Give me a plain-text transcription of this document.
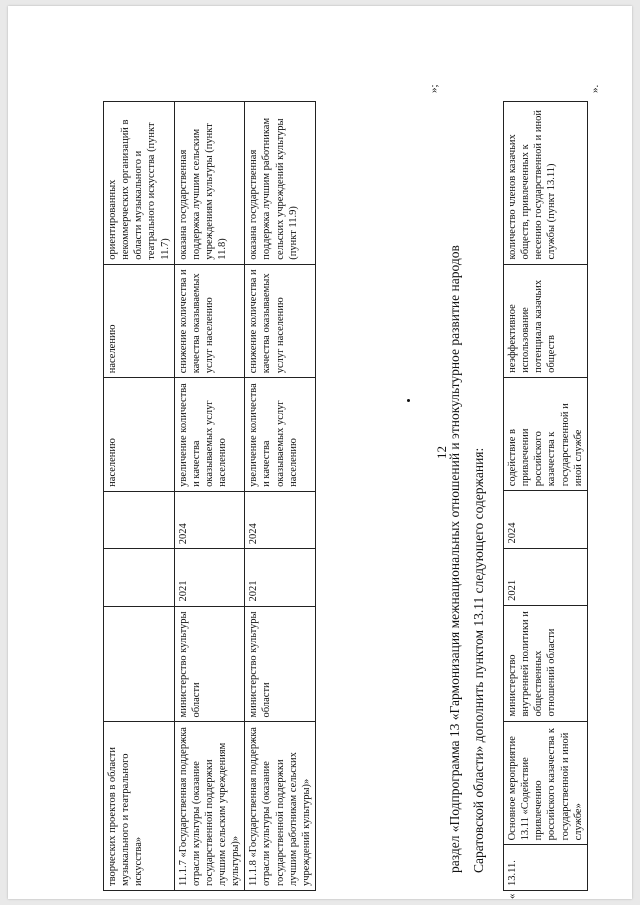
12
творческих проектов в области музыкального и театрального искусства»				населению	населению	ориентированных некоммерческих организаций в области музыкального и театрального искусства (пункт 11.7)
11.1.7 «Государственная поддержка отрасли культуры (оказание государственной поддержки лучшим сельским учреждениям культуры)»	министерство культуры области	2021	2024	увеличение количества и качества оказываемых услуг населению	снижение количества и качества оказываемых услуг населению	оказана государственная поддержка лучшим сельским учреждениям культуры (пункт 11.8)
11.1.8 «Государственная поддержка отрасли культуры (оказание государственной поддержки лучшим работникам сельских учреждений культуры)»	министерство культуры области	2021	2024	увеличение количества и качества оказываемых услуг населению	снижение количества и качества оказываемых услуг населению	оказана государственная поддержка лучшим работникам сельских учреждений культуры (пункт 11.9)
»;
раздел «Подпрограмма 13 «Гармонизация межнациональных отношений и этнокультурное развитие народов Саратовской области» дополнить пунктом 13.11 следующего содержания:
«
13.11.	Основное мероприятие 13.11 «Содействие привлечению российского казачества к государственной и иной службе»	министерство внутренней политики и общественных отношений области	2021	2024	содействие в привлечении российского казачества к государственной и иной службе	неэффективное использование потенциала казачьих обществ	количество членов казачьих обществ, привлеченных к несению государственной и иной службы (пункт 13.11)
».
